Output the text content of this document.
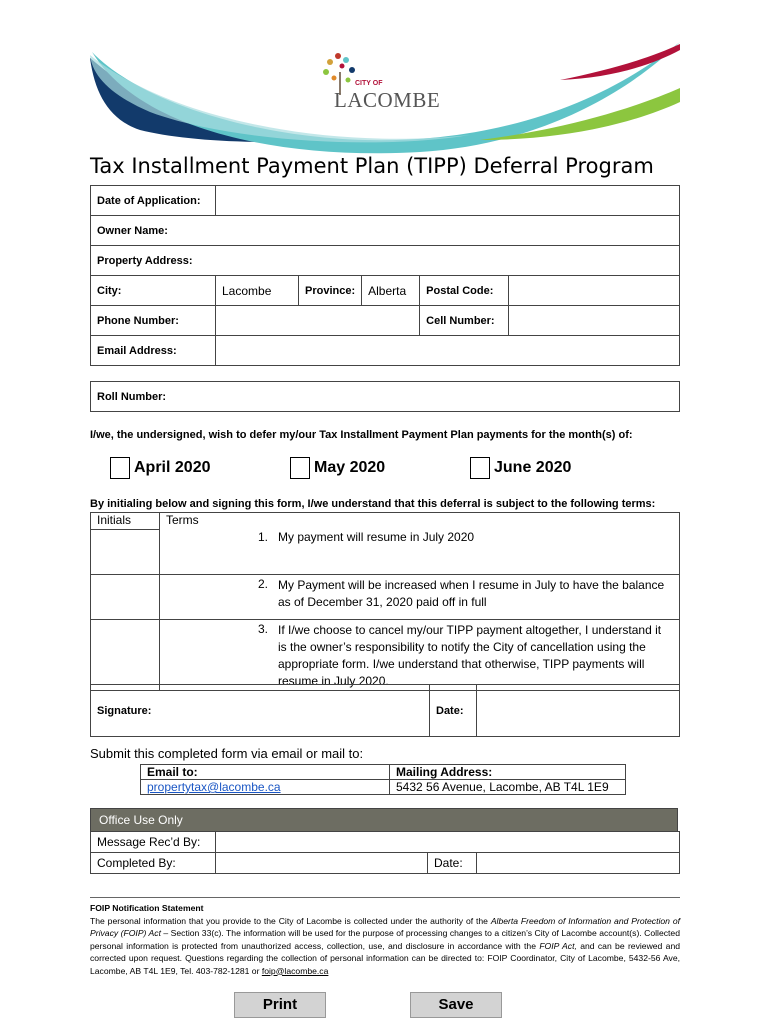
CITY OF
LACOMBE
Tax Installment Payment Plan (TIPP) Deferral Program
Date of Application:					
Owner Name:					
Property Address:					
City:	Lacombe	Province:	Alberta	Postal Code:	
Phone Number:				Cell Number:	
Email Address:					
Roll Number:	
I/we, the undersigned, wish to defer my/our Tax Installment Payment Plan payments for the month(s) of:
April 2020	May 2020	June 2020
By initialing below and signing this form, I/we understand that this deferral is subject to the following terms:
Initials	Terms
	1. My payment will resume in July 2020

	2. My Payment will be increased when I resume in July to have the balance as of December 31, 2020 paid off in full

	3. If I/we choose to cancel my/our TIPP payment altogether, I understand it is the owner’s responsibility to notify the City of cancellation using the appropriate form. I/we understand that otherwise, TIPP payments will resume in July 2020.
Signature:		Date:	
Submit this completed form via email or mail to:
Email to:	Mailing Address:
propertytax@lacombe.ca	5432 56 Avenue, Lacombe, AB T4L 1E9
Office Use Only
Message Rec’d By:			
Completed By:		Date:	
FOIP Notification Statement
The personal information that you provide to the City of Lacombe is collected under the authority of the Alberta Freedom of Information and Protection of Privacy (FOIP) Act – Section 33(c). The information will be used for the purpose of processing changes to a citizen’s City of Lacombe account(s). Collected personal information is protected from unauthorized access, collection, use, and disclosure in accordance with the FOIP Act, and can be reviewed and corrected upon request. Questions regarding the collection of personal information can be directed to: FOIP Coordinator, City of Lacombe, 5432-56 Ave, Lacombe, AB T4L 1E9, Tel. 403-782-1281 or foip@lacombe.ca
Print	Save
